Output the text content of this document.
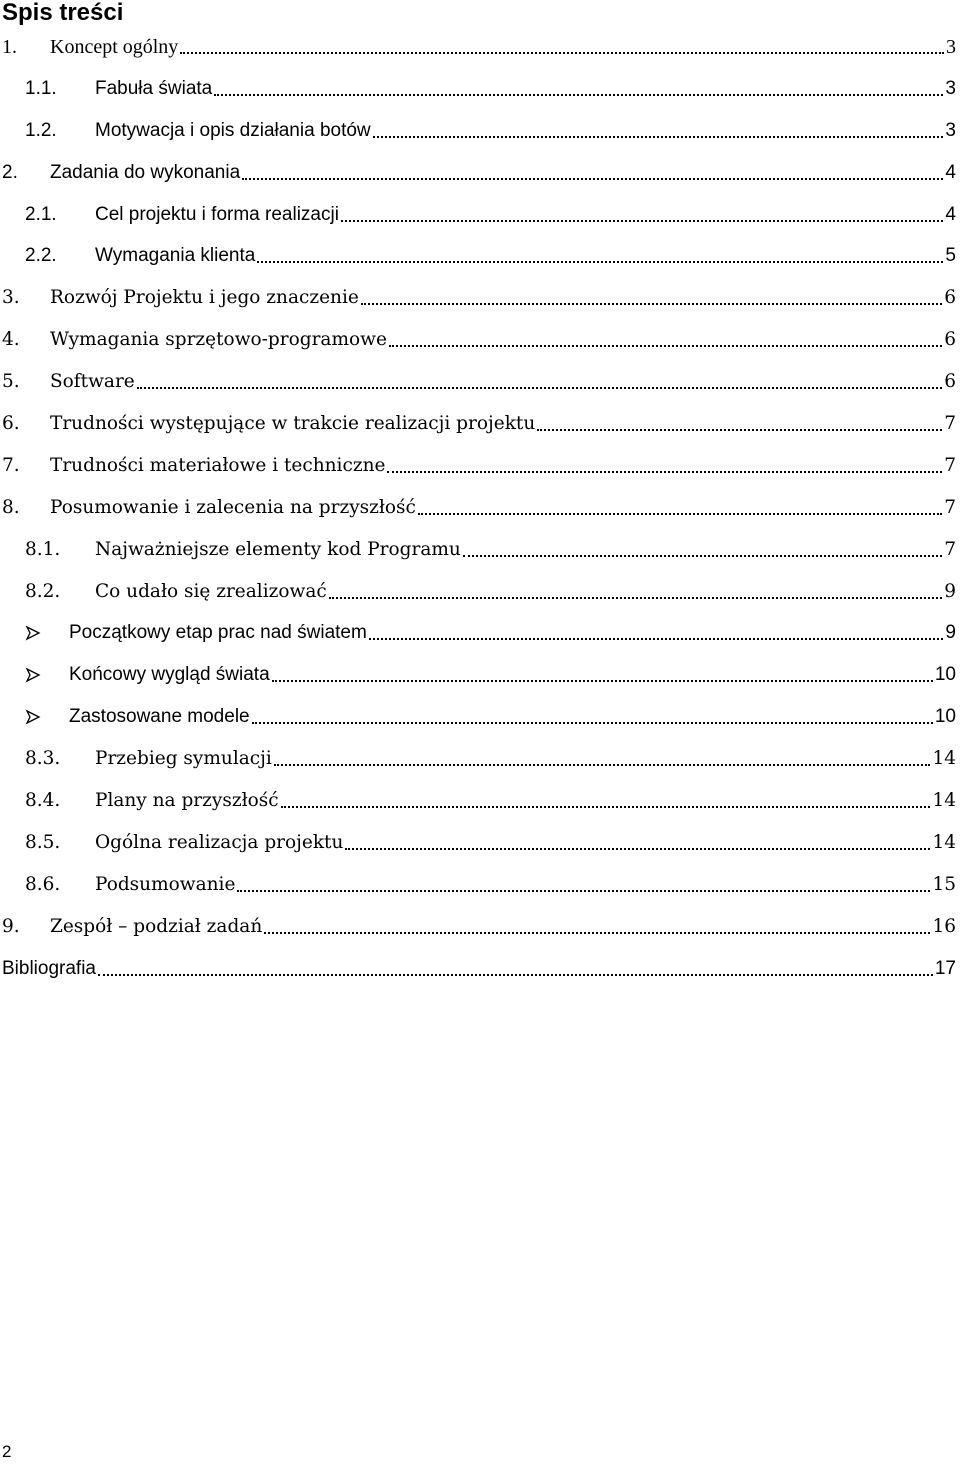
Spis treści
1.	Koncept ogólny	3
1.1.	Fabuła świata	3
1.2.	Motywacja i opis działania botów	3
2.	Zadania do wykonania	4
2.1.	Cel projektu i forma realizacji	4
2.2.	Wymagania klienta	5
3.	Rozwój Projektu i jego znaczenie	6
4.	Wymagania sprzętowo-programowe	6
5.	Software	6
6.	Trudności występujące w trakcie realizacji projektu	7
7.	Trudności materiałowe i techniczne	7
8.	Posumowanie i zalecenia na przyszłość	7
8.1.	Najważniejsze elementy kod Programu	7
8.2.	Co udało się zrealizować	9
Początkowy etap prac nad światem	9
Końcowy wygląd świata	10
Zastosowane modele	10
8.3.	Przebieg symulacji	14
8.4.	Plany na przyszłość	14
8.5.	Ogólna realizacja projektu	14
8.6.	Podsumowanie	15
9.	Zespół – podział zadań	16
Bibliografia	17
2
